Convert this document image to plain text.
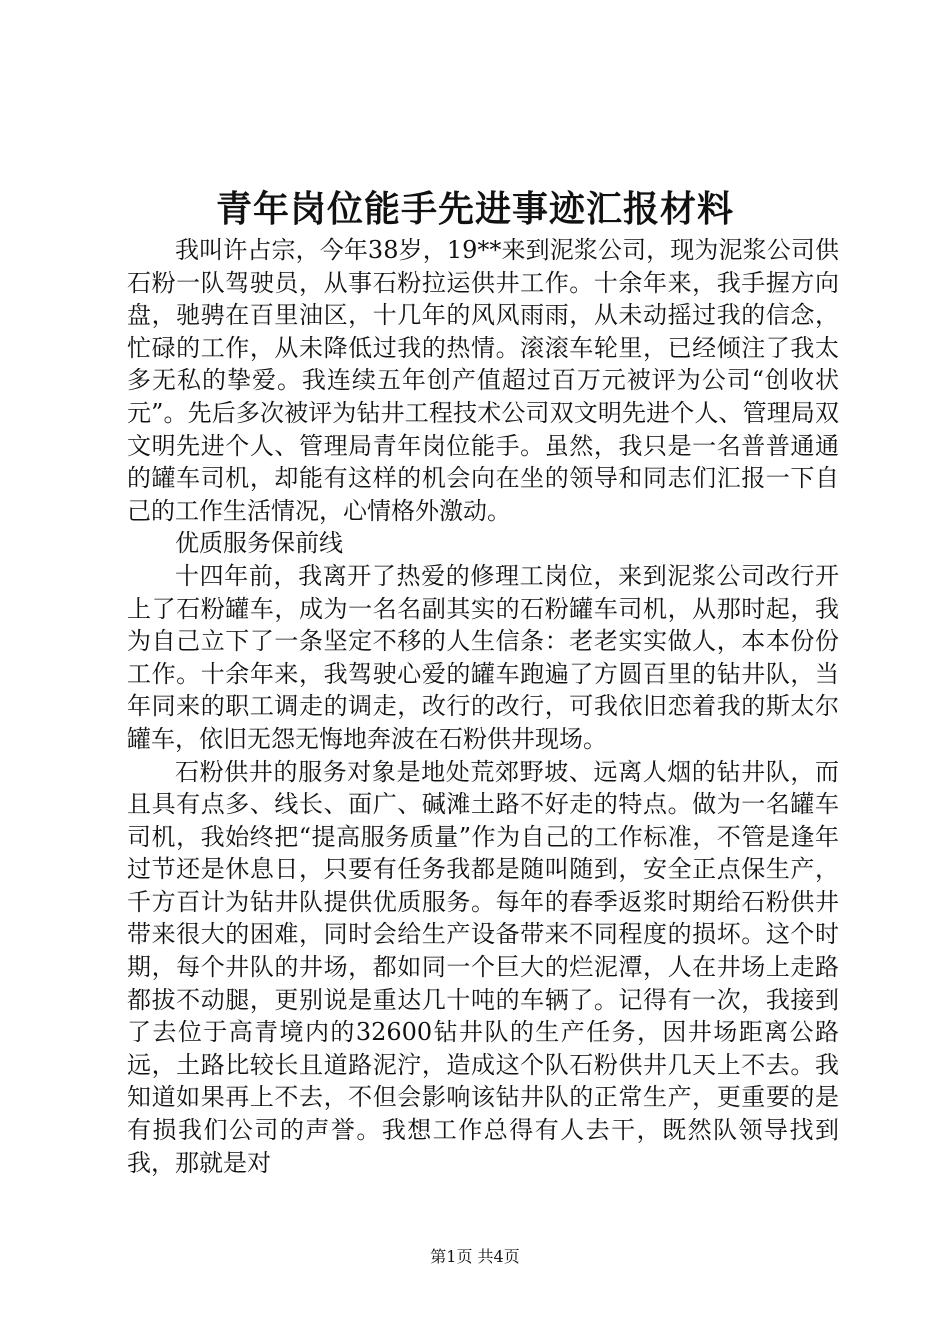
青年岗位能手先进事迹汇报材料

我叫许占宗，今年38岁，19**来到泥浆公司，现为泥浆公司供石粉一队驾驶员，从事石粉拉运供井工作。十余年来，我手握方向盘，驰骋在百里油区，十几年的风风雨雨，从未动摇过我的信念，忙碌的工作，从未降低过我的热情。滚滚车轮里，已经倾注了我太多无私的挚爱。我连续五年创产值超过百万元被评为公司“创收状元”。先后多次被评为钻井工程技术公司双文明先进个人、管理局双文明先进个人、管理局青年岗位能手。虽然，我只是一名普普通通的罐车司机，却能有这样的机会向在坐的领导和同志们汇报一下自己的工作生活情况，心情格外激动。

优质服务保前线

十四年前，我离开了热爱的修理工岗位，来到泥浆公司改行开上了石粉罐车，成为一名名副其实的石粉罐车司机，从那时起，我为自己立下了一条坚定不移的人生信条：老老实实做人，本本份份工作。十余年来，我驾驶心爱的罐车跑遍了方圆百里的钻井队，当年同来的职工调走的调走，改行的改行，可我依旧恋着我的斯太尔罐车，依旧无怨无悔地奔波在石粉供井现场。

石粉供井的服务对象是地处荒郊野坡、远离人烟的钻井队，而且具有点多、线长、面广、碱滩土路不好走的特点。做为一名罐车司机，我始终把“提高服务质量”作为自己的工作标准，不管是逢年过节还是休息日，只要有任务我都是随叫随到，安全正点保生产，千方百计为钻井队提供优质服务。每年的春季返浆时期给石粉供井带来很大的困难，同时会给生产设备带来不同程度的损坏。这个时期，每个井队的井场，都如同一个巨大的烂泥潭，人在井场上走路都拔不动腿，更别说是重达几十吨的车辆了。记得有一次，我接到了去位于高青境内的32600钻井队的生产任务，因井场距离公路远，土路比较长且道路泥泞，造成这个队石粉供井几天上不去。我知道如果再上不去，不但会影响该钻井队的正常生产，更重要的是有损我们公司的声誉。我想工作总得有人去干，既然队领导找到我，那就是对

第1页 共4页
